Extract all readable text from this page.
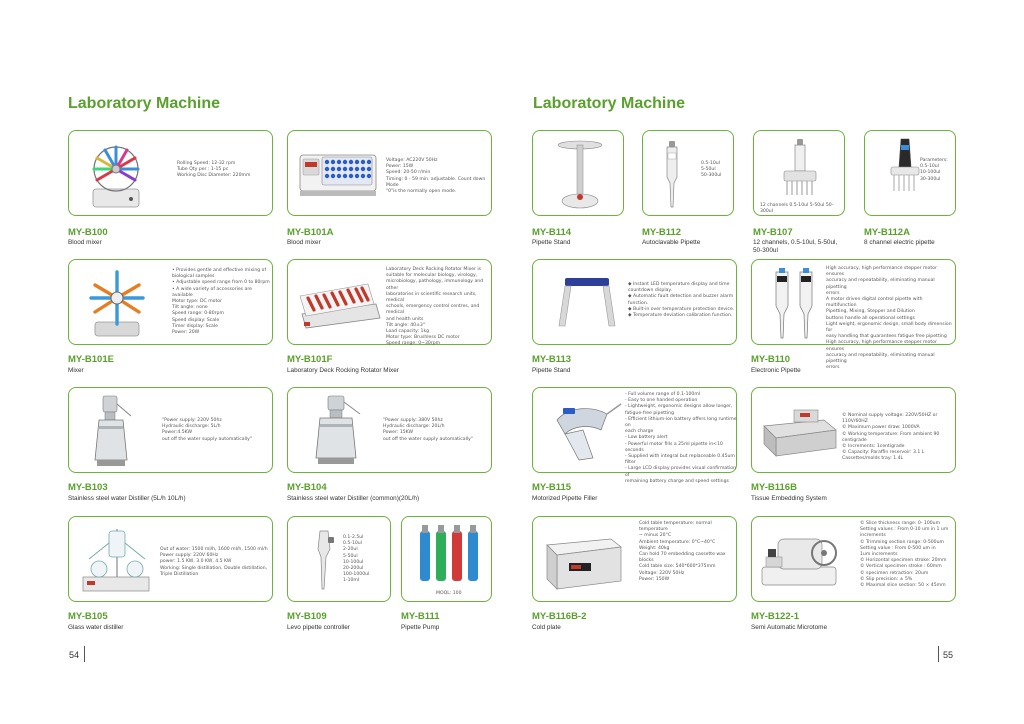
Laboratory Machine
Rolling Speed: 12-32 rpm
Tube Qty per : 1-15 pc
Working Disc Diameter: 220mm
MY-B100
Blood mixer
Voltage: AC220V 50Hz
Power: 15W
Speed: 20-50 r/min
Timing: 0 - 59 min. adjustable. Count down Mode
"0"is the normally open mode.
MY-B101A
Blood mixer
• Provides gentle and effective mixing of
biological samples
• Adjustable speed range from 0 to 80rpm
• A wide variety of accessories are available
Motor type: DC motor
Tilt angle: none
Speed range: 0-80rpm
Speed display: Scale
Timer display: Scale
Power: 20W
MY-B101E
Mixer
Laboratory Deck Rocking Rotator Mixer is
suitable for molecular biology, virology,
microbiology, pathology, immunology and other
laboratories in scientific research units, medical
schools, emergency control centres, and medical
and health units
Tilt angle: 40±3°
Load capacity: 1kg
Motor type: Brushless DC motor
Speed range: 0~30rpm
MY-B101F
Laboratory Deck Rocking Rotator Mixer
"Power supply: 220V 50hz
Hydraulic discharge: 5L/h
Power:4.5KW
out off the water supply automatically"
MY-B103
Stainless steel water Distiller (5L/h 10L/h)
"Power supply: 380V 50hz
Hydraulic discharge: 20L/h
Power: 15KW
out off the water supply automatically"
MY-B104
Stainless steel water Distiller (common)(20L/h)
Out of water: 1500 ml/h, 1600 ml/h, 1500 ml/h
Power supply: 220V 60Hz
power: 1.5 KW, 3.0 KW, 4.5 KW
Working: Single distillation, Double distillation,
Triple Distillation
MY-B105
Glass water distiller
0.1-2.5ul
0.5-10ul
2-20ul
5-50ul
10-100ul
20-200ul
100-1000ul
1-10ml
MY-B109
Levo pipette controller
MOQL: 100
MY-B111
Pipette Pump
54
Laboratory Machine
MY-B114
Pipette Stand
0.5-10ul
5-50ul
50-300ul
MY-B112
Autoclavable Pipette
12 channels 0.5-10ul 5-50ul 50-300ul
MY-B107
12 channels, 0.5-10ul, 5-50ul,
50-300ul
Parameters:
0.5-10ul
10-100ul
30-300ul
MY-B112A
8 channel electric pipette
◆ Instant LED temperature display and time
countdown display.
◆ Automatic fault detection and buzzer alarm
function.
◆ Built-in over temperature protection device.
◆ Temperature deviation calibration function.
MY-B113
Pipette Stand
High accuracy, high performance stepper motor ensures
accuracy and repeatability, eliminating manual pipetting
errors
A motor driven digital control pipette with multifunction
Pipetting, Mixing, Stepper and Dilution
buttons handle all operational settings
Light weight, ergonomic design, small body dimension for
easy handling that guarantees fatigue free pipetting
High accuracy, high performance stepper motor ensures
accuracy and repeatability, eliminating manual pipetting
errors
MY-B110
Electronic Pipette
- Full volume range of 0.1-100ml
- Easy to one handed operation
- Lightweight, ergonomic designs allow longer,
fatigue-free pipetting
- Efficient lithium-ion battery offers long runtime on
each charge
- Low battery alert
- Powerful motor fills a 25ml pipette in<10 seconds
- Supplied with integral but replaceable 0.45um filter
- Large LCD display provides visual confirmation of
remaining battery charge and speed settings
MY-B115
Motorized Pipette Filler
© Nominal supply voltage: 220V/50HZ or 110V/60HZ
© Maximum power draw: 1000VA
© Working temperature: From ambient 90 centigrade
© Increments: 1centigrade
© Capacity: Paraffin reservoir: 3.1 L
Cassettes/molds tray: 1.4L
MY-B116B
Tissue Embedding System
Cold table temperature: normal temperature
~ minus 20°C
Ambient temperature: 0°C~40°C
Weight: 40kg
Can hold 70 embedding cassette wax blocks
Cold table size: 540*600*375mm
Voltage: 220V 50Hz
Power: 150W
MY-B116B-2
Cold plate
© Slice thickness range: 0- 100um
Setting values : From 0-10 um in 1 um
increments
© Trimming section range: 0-500um
Setting value : From 0-500 um in
1um increments
© Horizontal specimen stroke: 20mm
© Vertical specimen stroke : 60mm
© specimen retraction: 20um
© Slip precision: ± 5%
© Maximal slice section: 50 × 45mm
MY-B122-1
Semi Automatic Microtome
55
